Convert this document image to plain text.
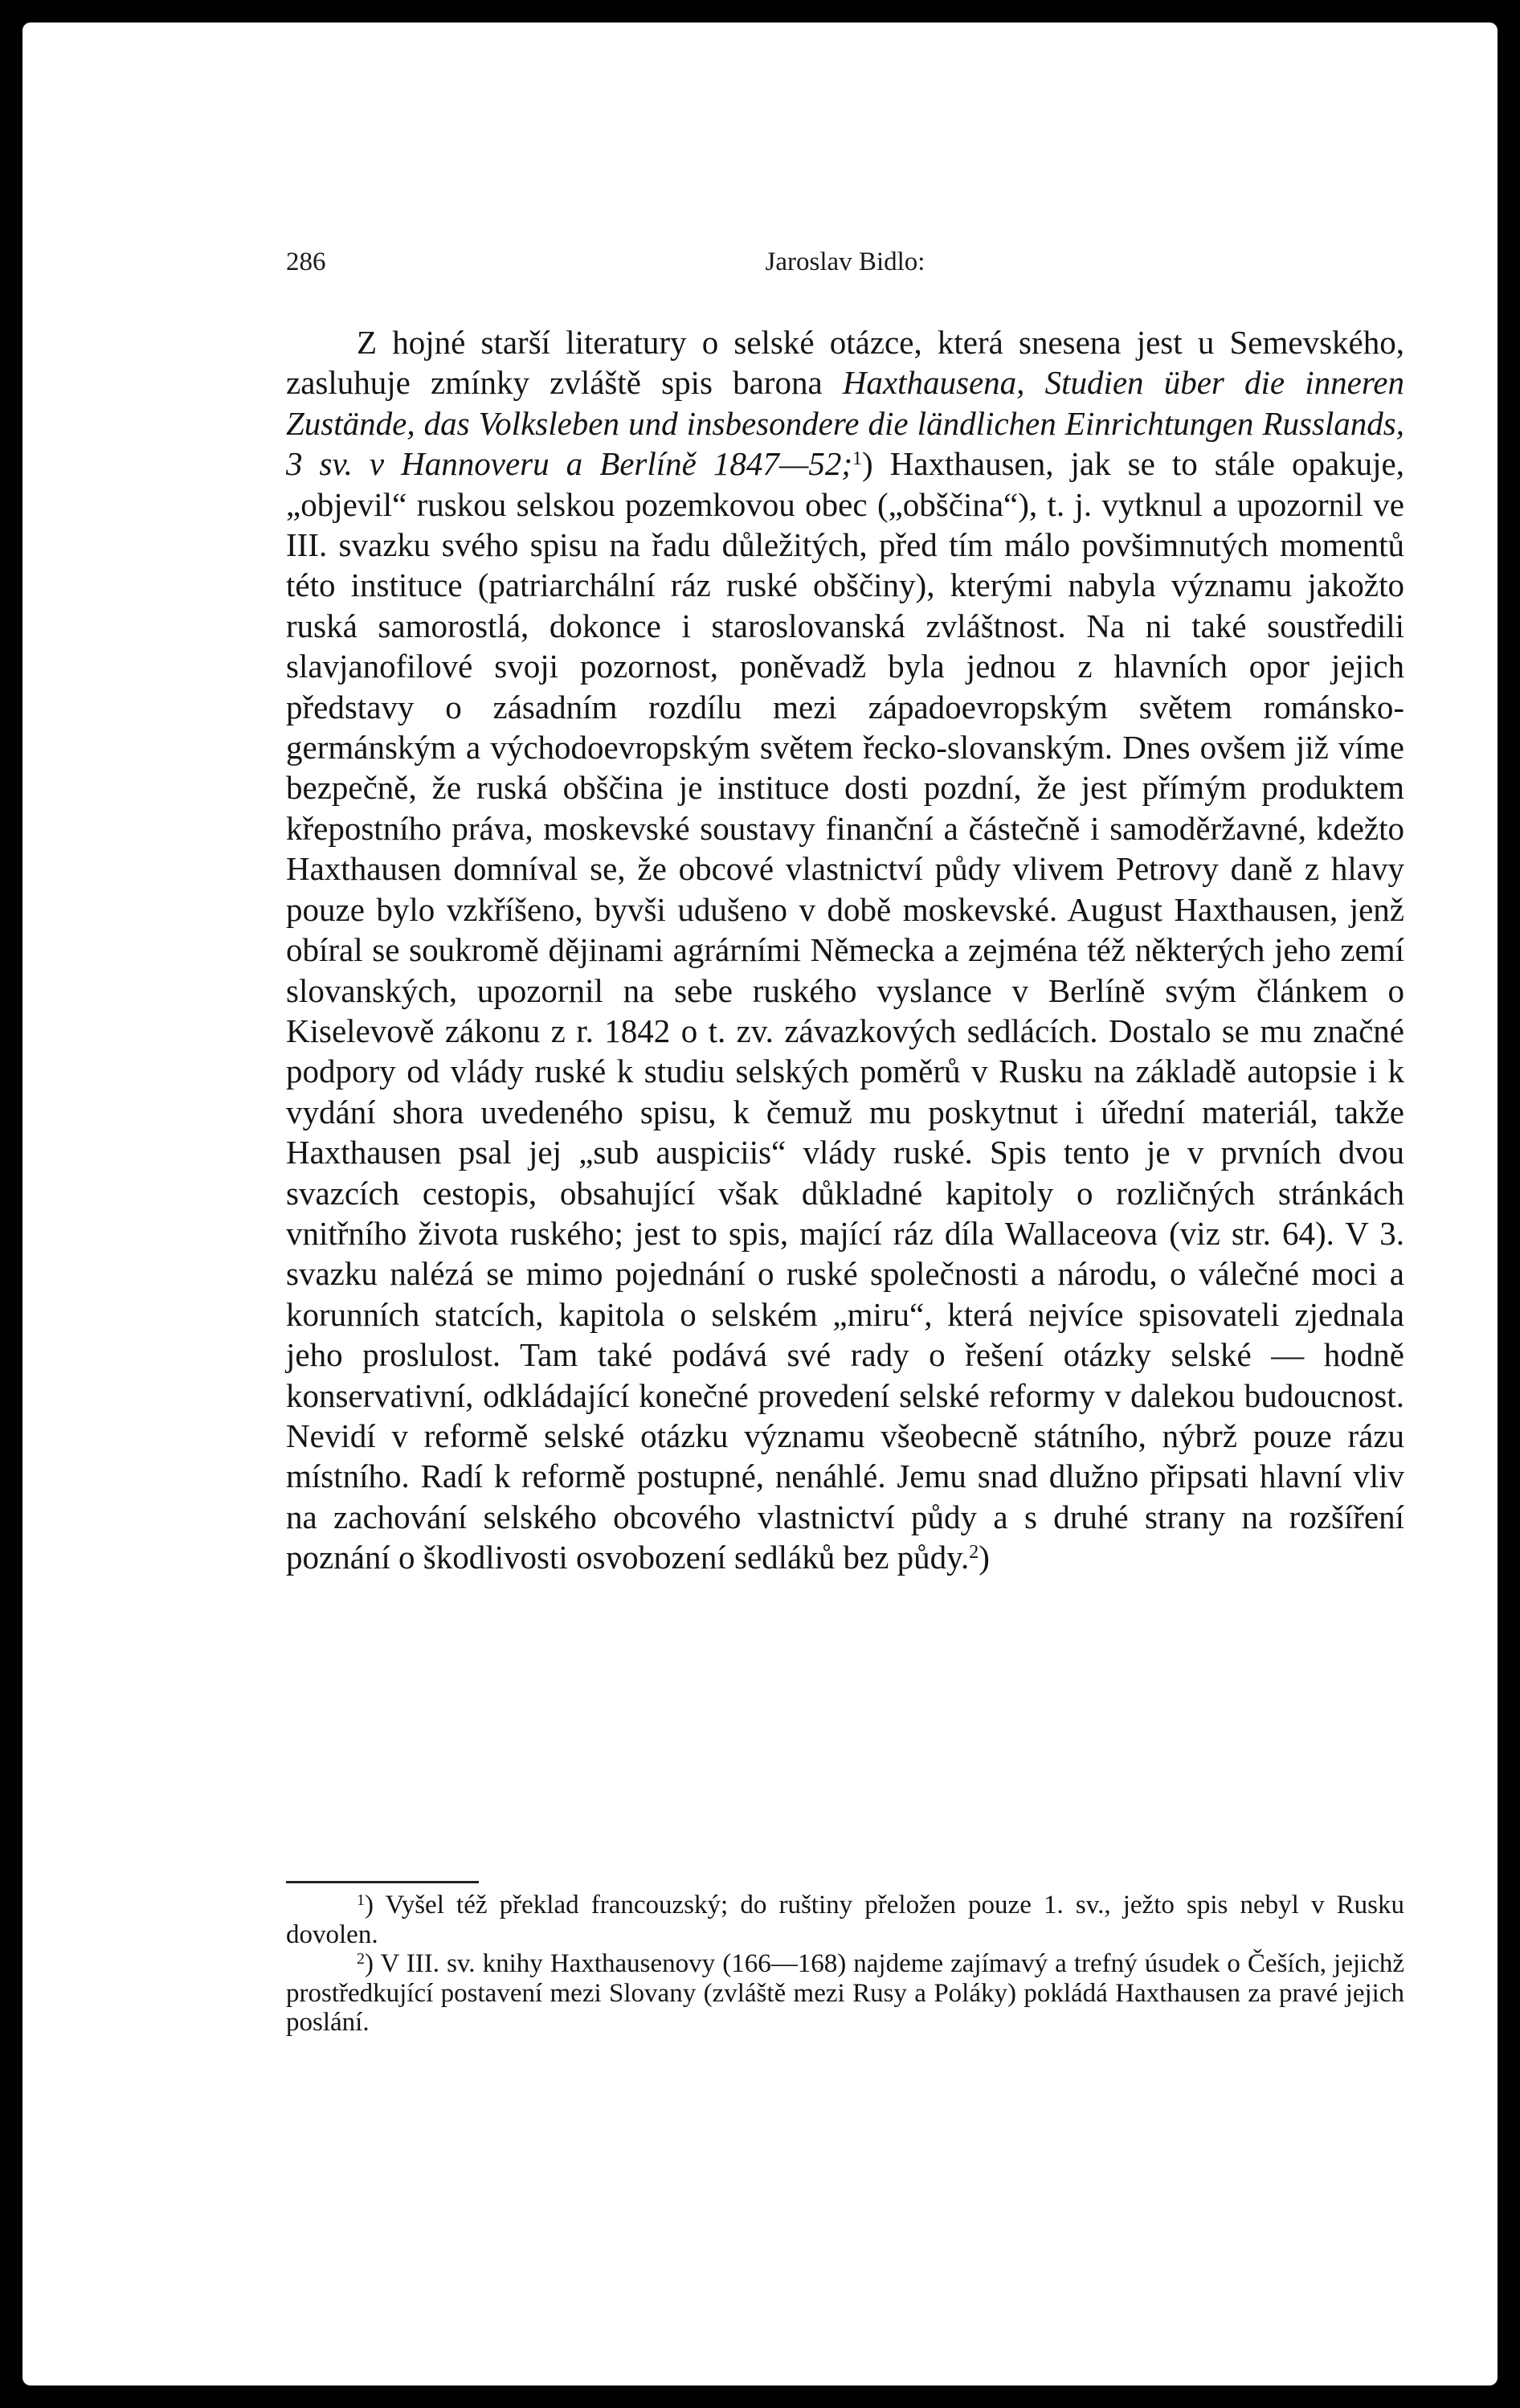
286	Jaroslav Bidlo:

Z hojné starší literatury o selské otázce, která snesena jest u Semevského, zasluhuje zmínky zvláště spis barona Haxthausena, Studien über die inneren Zustände, das Volksleben und insbesondere die ländlichen Einrichtungen Russlands, 3 sv. v Hannoveru a Berlíně 1847—52;$^1$) Haxthausen, jak se to stále opakuje, „objevil“ ruskou selskou pozemkovou obec („obščina“), t. j. vytknul a upozornil ve III. svazku svého spisu na řadu důležitých, před tím málo povšimnutých momentů této instituce (patriarchální ráz ruské obščiny), kterými nabyla významu jakožto ruská samorostlá, dokonce i staroslovanská zvláštnost. Na ni také soustředili slavjanofilové svoji pozornost, poněvadž byla jednou z hlavních opor jejich představy o zásadním rozdílu mezi západoevropským světem románsko-germánským a východoevropským světem řecko-slovanským. Dnes ovšem již víme bezpečně, že ruská obščina je instituce dosti pozdní, že jest přímým produktem křepostního práva, moskevské soustavy finanční a částečně i samoděržavné, kdežto Haxthausen domníval se, že obcové vlastnictví půdy vlivem Petrovy daně z hlavy pouze bylo vzkříšeno, byvši udušeno v době moskevské. August Haxthausen, jenž obíral se soukromě dějinami agrárními Německa a zejména též některých jeho zemí slovanských, upozornil na sebe ruského vyslance v Berlíně svým článkem o Kiselevově zákonu z r. 1842 o t. zv. závazkových sedlácích. Dostalo se mu značné podpory od vlády ruské k studiu selských poměrů v Rusku na základě autopsie i k vydání shora uvedeného spisu, k čemuž mu poskytnut i úřední materiál, takže Haxthausen psal jej „sub auspiciis“ vlády ruské. Spis tento je v prvních dvou svazcích cestopis, obsahující však důkladné kapitoly o rozličných stránkách vnitřního života ruského; jest to spis, mající ráz díla Wallaceova (viz str. 64). V 3. svazku nalézá se mimo pojednání o ruské společnosti a národu, o válečné moci a korunních statcích, kapitola o selském „miru“, která nejvíce spisovateli zjednala jeho proslulost. Tam také podává své rady o řešení otázky selské — hodně konservativní, odkládající konečné provedení selské reformy v dalekou budoucnost. Nevidí v reformě selské otázku významu všeobecně státního, nýbrž pouze rázu místního. Radí k reformě postupné, nenáhlé. Jemu snad dlužno připsati hlavní vliv na zachování selského obcového vlastnictví půdy a s druhé strany na rozšíření poznání o škodlivosti osvobození sedláků bez půdy.$^2$)

$^1$) Vyšel též překlad francouzský; do ruštiny přeložen pouze 1. sv., ježto spis nebyl v Rusku dovolen.

$^2$) V III. sv. knihy Haxthausenovy (166—168) najdeme zajímavý a trefný úsudek o Češích, jejichž prostředkující postavení mezi Slovany (zvláště mezi Rusy a Poláky) pokládá Haxthausen za pravé jejich poslání.
